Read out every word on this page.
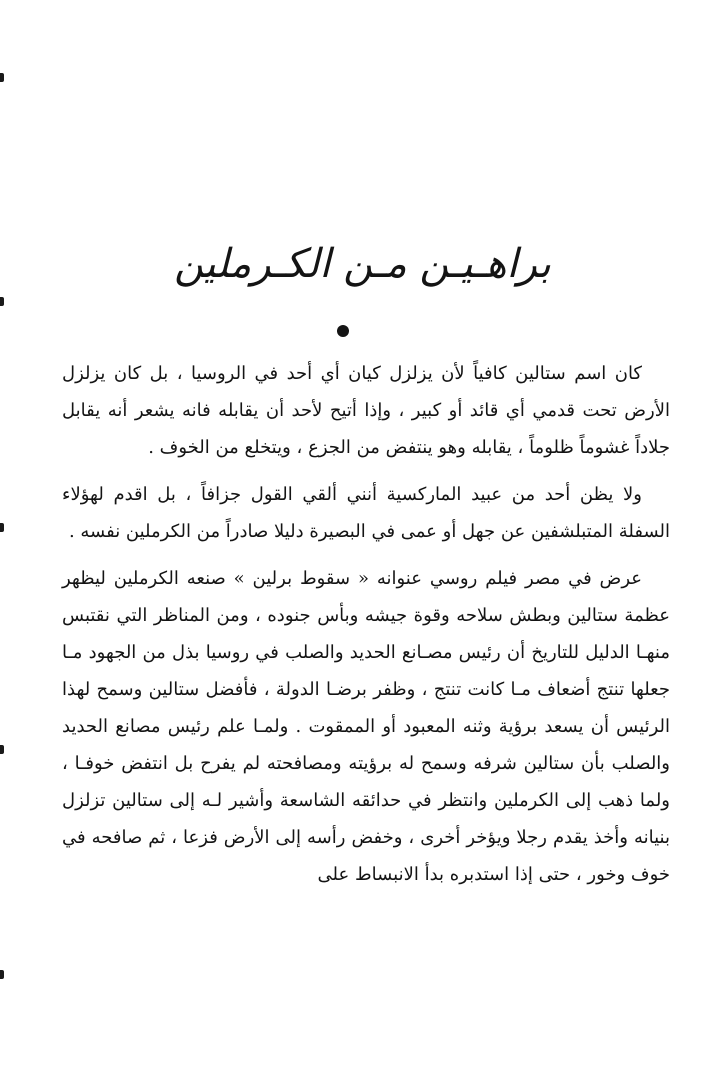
براهـيـن مـن الكـرملين

كان اسم ستالين كافياً لأن يزلزل كيان أي أحد في الروسيا ، بل كان يزلزل الأرض تحت قدمي أي قائد أو كبير ، وإذا أتيح لأحد أن يقابله فانه يشعر أنه يقابل جلاداً غشوماً ظلوماً ، يقابله وهو ينتفض من الجزع ، ويتخلع من الخوف .

ولا يظن أحد من عبيد الماركسية أنني ألقي القول جزافاً ، بل اقدم لهؤلاء السفلة المتبلشفين عن جهل أو عمى في البصيرة دليلا صادراً من الكرملين نفسه .

عرض في مصر فيلم روسي عنوانه « سقوط برلين » صنعه الكرملين ليظهر عظمة ستالين وبطش سلاحه وقوة جيشه وبأس جنوده ، ومن المناظر التي نقتبس منهـا الدليل للتاريخ أن رئيس مصـانع الحديد والصلب في روسيا بذل من الجهود مـا جعلها تنتج أضعاف مـا كانت تنتج ، وظفر برضـا الدولة ، فأفضل ستالين وسمح لهذا الرئيس أن يسعد برؤية وثنه المعبود أو الممقوت . ولمـا علم رئيس مصانع الحديد والصلب بأن ستالين شرفه وسمح له برؤيته ومصافحته لم يفرح بل انتفض خوفـا ، ولما ذهب إلى الكرملين وانتظر في حدائقه الشاسعة وأشير لـه إلى ستالين تزلزل بنيانه وأخذ يقدم رجلا ويؤخر أخرى ، وخفض رأسه إلى الأرض فزعا ، ثم صافحه في خوف وخور ، حتى إذا استدبره بدأ الانبساط على
